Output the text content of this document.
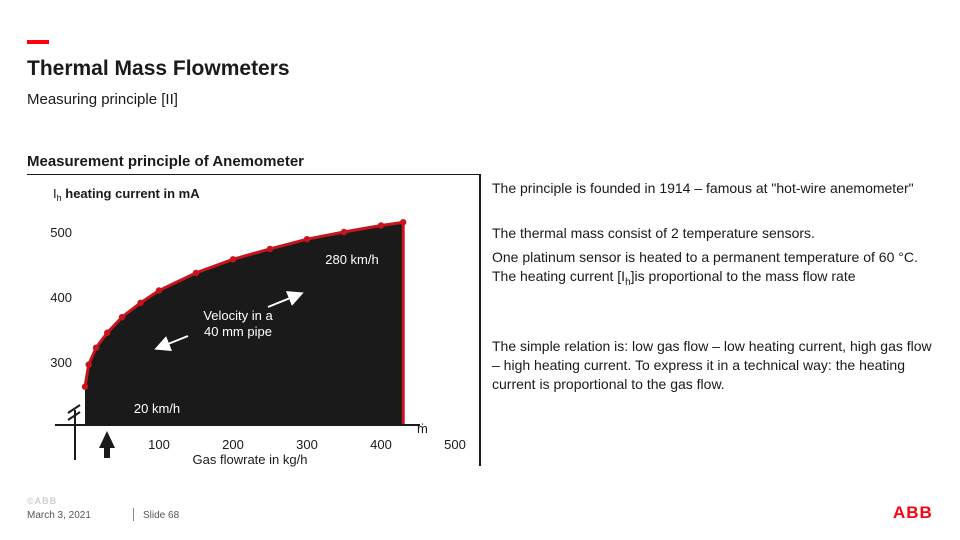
Thermal Mass Flowmeters
Measuring principle [II]
Measurement principle of Anemometer
$I_h$ heating current in mA
300
400
500
100	200	300	400	500
Gas flowrate in kg/h
ṁ
Velocity in a
40 mm pipe
280 km/h
20 km/h
The principle is founded in 1914 – famous at "hot-wire anemometer"
The thermal mass consist of 2 temperature sensors.
One platinum sensor is heated to a permanent temperature of 60 °C. The heating current $[I_h]is$ proportional to the mass flow rate
The simple relation is: low gas flow – low heating current, high gas flow – high heating current. To express it in a technical way: the heating current is proportional to the gas flow.
©ABB
March 3, 2021	Slide 68	ABB
